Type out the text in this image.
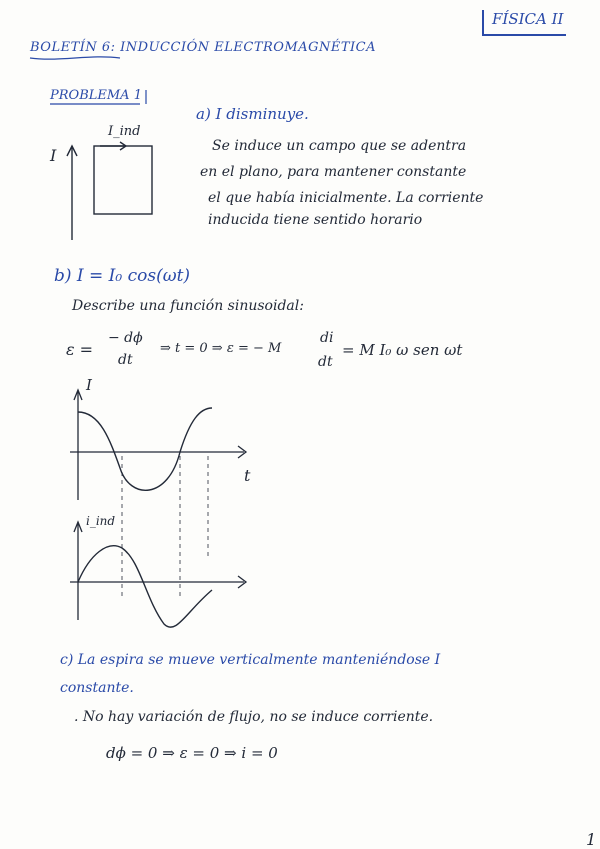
FÍSICA II
BOLETÍN 6: INDUCCIÓN ELECTROMAGNÉTICA
PROBLEMA 1
a) I disminuye.
Se induce un campo que se adentra
en el plano, para mantener constante
el que había inicialmente. La corriente
inducida tiene sentido horario
I
I_ind
b) I = I₀ cos(ωt)
Describe una función sinusoidal:
ε =
− dϕ
dt
⇒ t = 0 ⇒ ε = − M
di
dt
= M I₀ ω sen ωt
I
t
i_ind
c) La espira se mueve verticalmente manteniéndose I
constante.
. No hay variación de flujo, no se induce corriente.
dϕ = 0 ⇒ ε = 0 ⇒ i = 0
1
